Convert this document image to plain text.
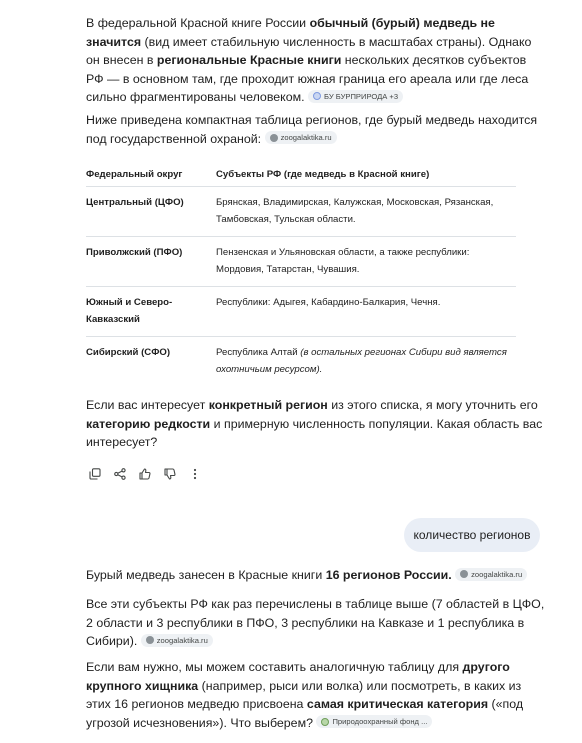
В федеральной Красной книге России обычный (бурый) медведь не значится (вид имеет стабильную численность в масштабах страны). Однако он внесен в региональные Красные книги нескольких десятков субъектов РФ — в основном там, где проходит южная граница его ареала или где леса сильно фрагментированы человеком.	БУ БУРПРИРОДА +3

Ниже приведена компактная таблица регионов, где бурый медведь находится под государственной охраной:	zoogalaktika.ru

Федеральный округ	Субъекты РФ (где медведь в Красной книге)
Центральный (ЦФО)	Брянская, Владимирская, Калужская, Московская, Рязанская, Тамбовская, Тульская области.
Приволжский (ПФО)	Пензенская и Ульяновская области, а также республики: Мордовия, Татарстан, Чувашия.
Южный и Северо-Кавказский	Республики: Адыгея, Кабардино-Балкария, Чечня.
Сибирский (СФО)	Республика Алтай (в остальных регионах Сибири вид является охотничьим ресурсом).

Если вас интересует конкретный регион из этого списка, я могу уточнить его категорию редкости и примерную численность популяции. Какая область вас интересует?

количество регионов

Бурый медведь занесен в Красные книги 16 регионов России.	zoogalaktika.ru

Все эти субъекты РФ как раз перечислены в таблице выше (7 областей в ЦФО, 2 области и 3 республики в ПФО, 3 республики на Кавказе и 1 республика в Сибири).	zoogalaktika.ru

Если вам нужно, мы можем составить аналогичную таблицу для другого крупного хищника (например, рыси или волка) или посмотреть, в каких из этих 16 регионов медведю присвоена самая критическая категория («под угрозой исчезновения»). Что выберем?	Природоохранный фонд ...
